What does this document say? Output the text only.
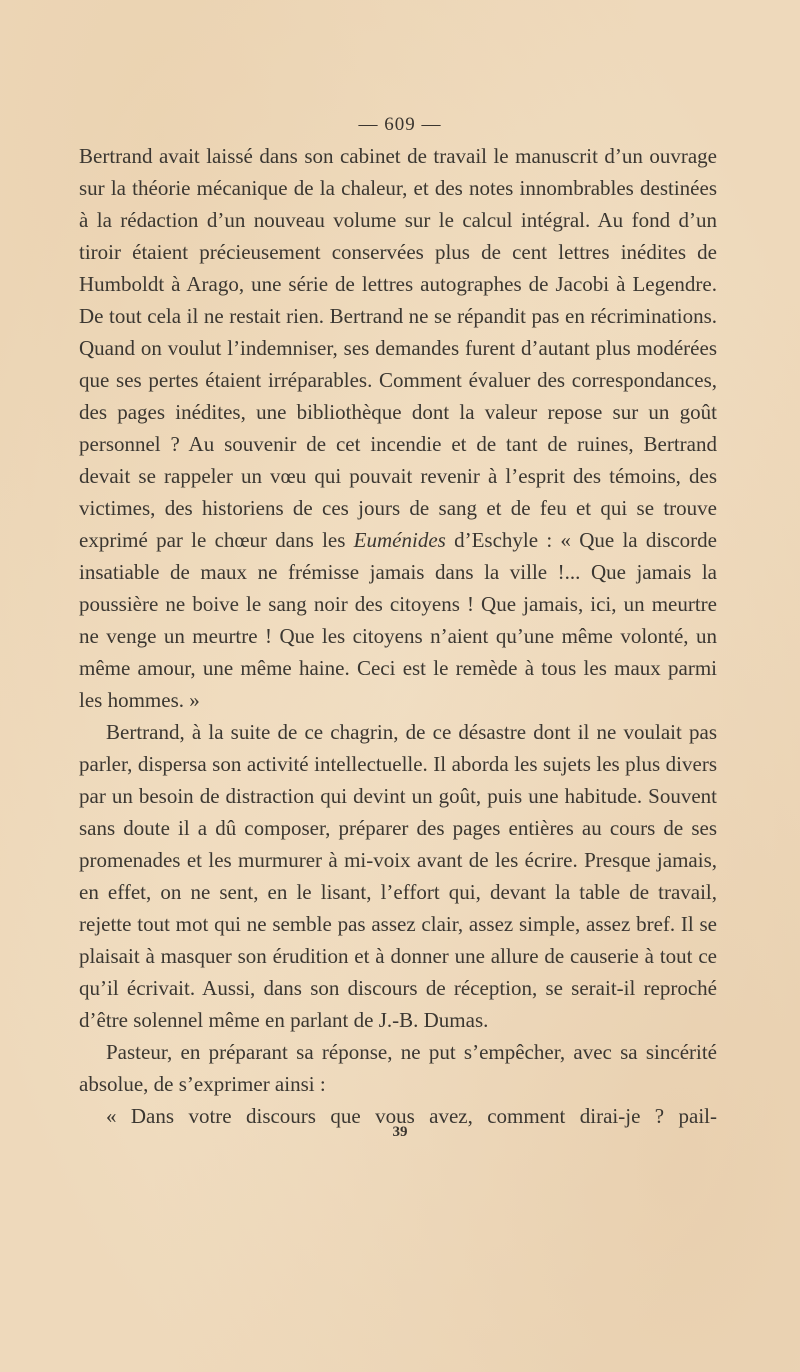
— 609 —

Bertrand avait laissé dans son cabinet de travail le manuscrit d’un ouvrage sur la théorie mécanique de la chaleur, et des notes innombrables destinées à la rédaction d’un nouveau volume sur le calcul intégral. Au fond d’un tiroir étaient précieusement conservées plus de cent lettres inédites de Humboldt à Arago, une série de lettres autographes de Jacobi à Legendre. De tout cela il ne restait rien. Bertrand ne se répandit pas en récriminations. Quand on voulut l’indemniser, ses demandes furent d’autant plus modérées que ses pertes étaient irréparables. Comment évaluer des correspondances, des pages inédites, une bibliothèque dont la valeur repose sur un goût personnel ? Au souvenir de cet incendie et de tant de ruines, Bertrand devait se rappeler un vœu qui pouvait revenir à l’esprit des témoins, des victimes, des historiens de ces jours de sang et de feu et qui se trouve exprimé par le chœur dans les Euménides d’Eschyle : « Que la discorde insatiable de maux ne frémisse jamais dans la ville !... Que jamais la poussière ne boive le sang noir des citoyens ! Que jamais, ici, un meurtre ne venge un meurtre ! Que les citoyens n’aient qu’une même volonté, un même amour, une même haine. Ceci est le remède à tous les maux parmi les hommes. »

Bertrand, à la suite de ce chagrin, de ce désastre dont il ne voulait pas parler, dispersa son activité intellectuelle. Il aborda les sujets les plus divers par un besoin de distraction qui devint un goût, puis une habitude. Souvent sans doute il a dû composer, préparer des pages entières au cours de ses promenades et les murmurer à mi-voix avant de les écrire. Presque jamais, en effet, on ne sent, en le lisant, l’effort qui, devant la table de travail, rejette tout mot qui ne semble pas assez clair, assez simple, assez bref. Il se plaisait à masquer son érudition et à donner une allure de causerie à tout ce qu’il écrivait. Aussi, dans son discours de réception, se serait-il reproché d’être solennel même en parlant de J.-B. Dumas.

Pasteur, en préparant sa réponse, ne put s’empêcher, avec sa sincérité absolue, de s’exprimer ainsi :

« Dans votre discours que vous avez, comment dirai-je ? pail-

39
